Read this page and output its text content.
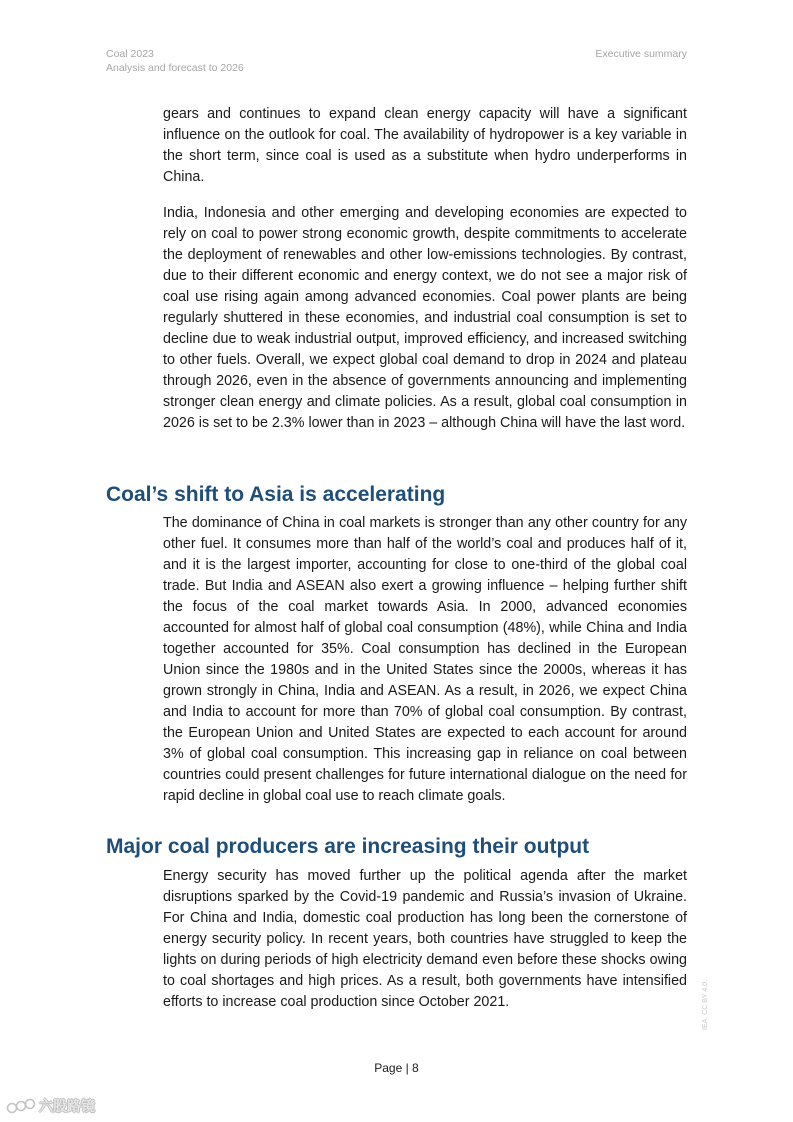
Coal 2023
Analysis and forecast to 2026
Executive summary

gears and continues to expand clean energy capacity will have a significant influence on the outlook for coal. The availability of hydropower is a key variable in the short term, since coal is used as a substitute when hydro underperforms in China.

India, Indonesia and other emerging and developing economies are expected to rely on coal to power strong economic growth, despite commitments to accelerate the deployment of renewables and other low-emissions technologies. By contrast, due to their different economic and energy context, we do not see a major risk of coal use rising again among advanced economies. Coal power plants are being regularly shuttered in these economies, and industrial coal consumption is set to decline due to weak industrial output, improved efficiency, and increased switching to other fuels. Overall, we expect global coal demand to drop in 2024 and plateau through 2026, even in the absence of governments announcing and implementing stronger clean energy and climate policies. As a result, global coal consumption in 2026 is set to be 2.3% lower than in 2023 – although China will have the last word.

Coal’s shift to Asia is accelerating

The dominance of China in coal markets is stronger than any other country for any other fuel. It consumes more than half of the world’s coal and produces half of it, and it is the largest importer, accounting for close to one-third of the global coal trade. But India and ASEAN also exert a growing influence – helping further shift the focus of the coal market towards Asia. In 2000, advanced economies accounted for almost half of global coal consumption (48%), while China and India together accounted for 35%. Coal consumption has declined in the European Union since the 1980s and in the United States since the 2000s, whereas it has grown strongly in China, India and ASEAN. As a result, in 2026, we expect China and India to account for more than 70% of global coal consumption. By contrast, the European Union and United States are expected to each account for around 3% of global coal consumption. This increasing gap in reliance on coal between countries could present challenges for future international dialogue on the need for rapid decline in global coal use to reach climate goals.

Major coal producers are increasing their output

Energy security has moved further up the political agenda after the market disruptions sparked by the Covid-19 pandemic and Russia’s invasion of Ukraine. For China and India, domestic coal production has long been the cornerstone of energy security policy. In recent years, both countries have struggled to keep the lights on during periods of high electricity demand even before these shocks owing to coal shortages and high prices. As a result, both governments have intensified efforts to increase coal production since October 2021.	IEA. CC BY 4.0.
Page | 8
六股路镜
